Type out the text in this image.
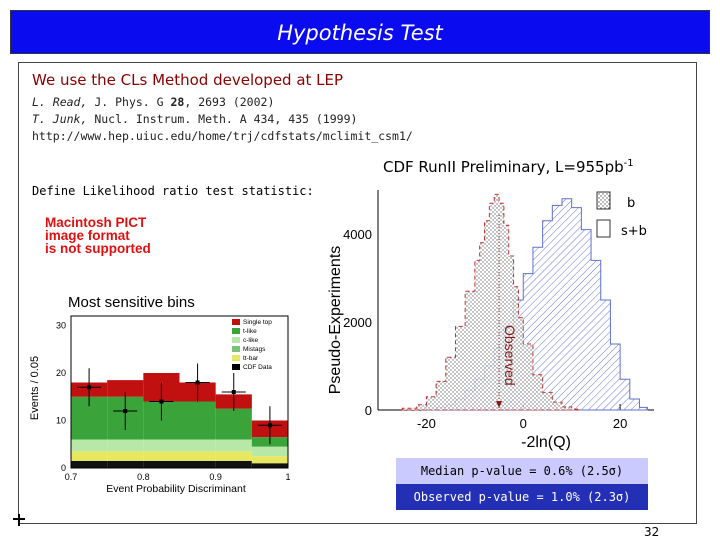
Hypothesis Test
We use the CLs Method developed at LEP
L. Read, J. Phys. G 28, 2693 (2002)
T. Junk, Nucl. Instrum. Meth. A 434, 435 (1999)
http://www.hep.uiuc.edu/home/trj/cdfstats/mclimit_csm1/
Define Likelihood ratio test statistic:
Macintosh PICT
image format
is not supported
CDF RunII Preliminary, $L=955pb^{-1}$
0
2000
4000
-20	0	20
Observed
Pseudo-Experiments
-2ln(Q)
b
s+b
Most sensitive bins
0
10
20
30
0.7	0.8	0.9	1
Single top
t-like
c-like
Mistags
tt-bar
CDF Data
Events / 0.05
Event Probability Discriminant
Median p-value = 0.6% (2.5σ)
Observed p-value = 1.0% (2.3σ)
32
